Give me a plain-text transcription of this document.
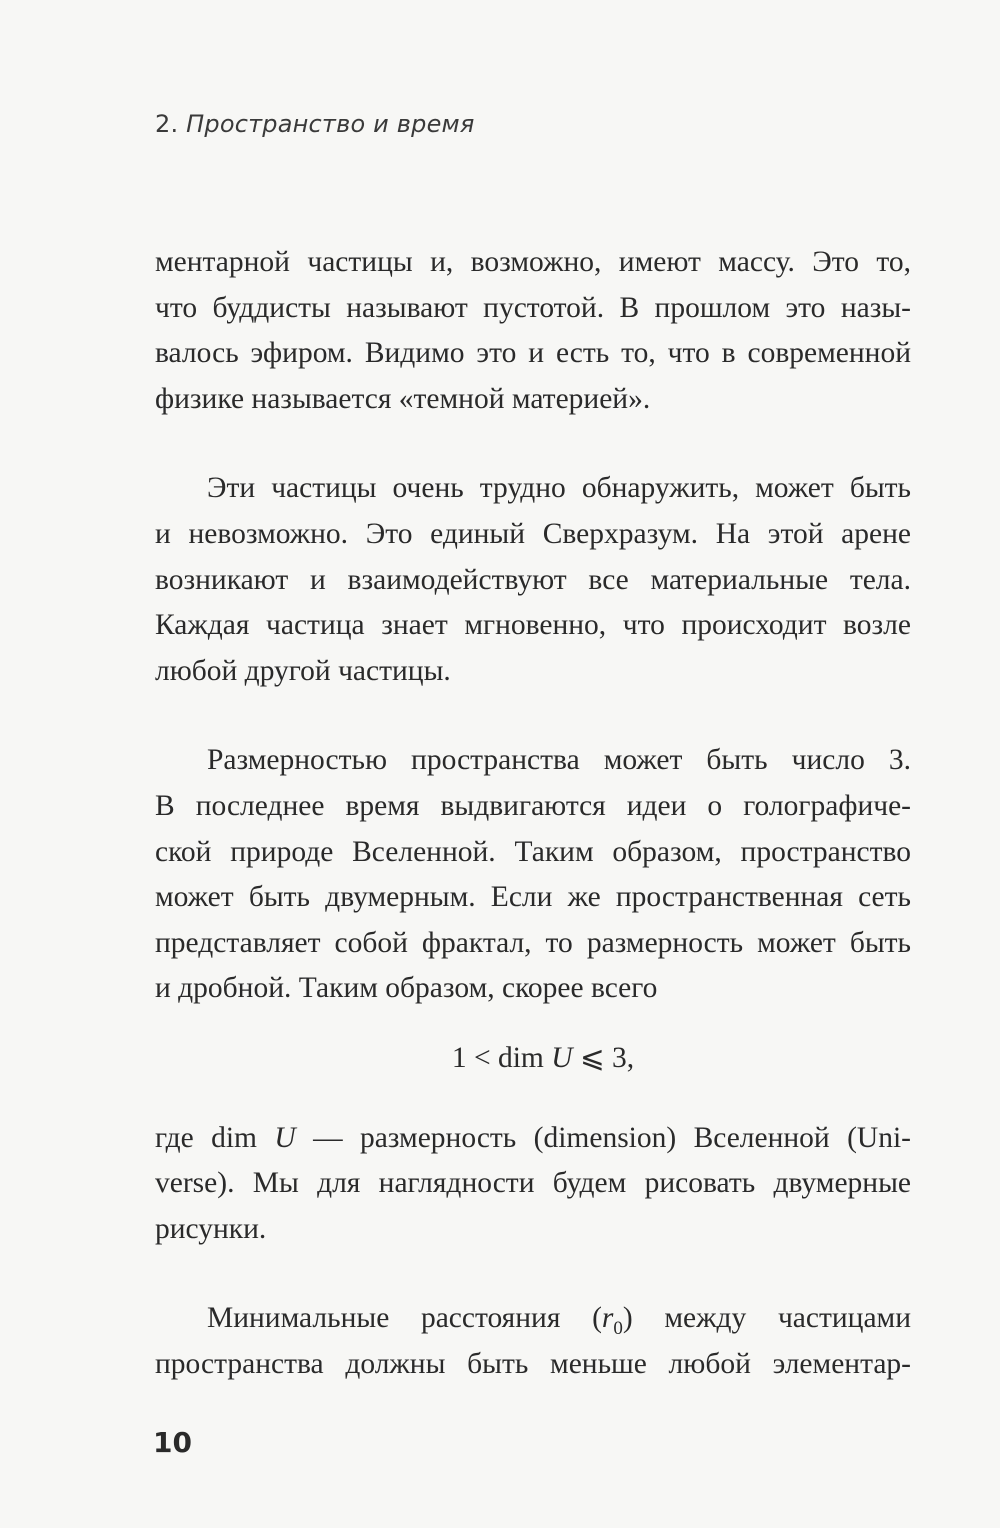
2. Пространство и время
ментарной частицы и, возможно, имеют массу. Это то,
что буддисты называют пустотой. В прошлом это назы-
валось эфиром. Видимо это и есть то, что в современной
физике называется «темной материей».
Эти частицы очень трудно обнаружить, может быть
и невозможно. Это единый Сверхразум. На этой арене
возникают и взаимодействуют все материальные тела.
Каждая частица знает мгновенно, что происходит возле
любой другой частицы.
Размерностью пространства может быть число 3.
В последнее время выдвигаются идеи о голографиче-
ской природе Вселенной. Таким образом, пространство
может быть двумерным. Если же пространственная сеть
представляет собой фрактал, то размерность может быть
и дробной. Таким образом, скорее всего
1 < dim U ⩽ 3,
где dim U — размерность (dimension) Вселенной (Uni-
verse). Мы для наглядности будем рисовать двумерные
рисунки.
Минимальные расстояния $(r_0)$ между частицами
пространства должны быть меньше любой элементар-
10
